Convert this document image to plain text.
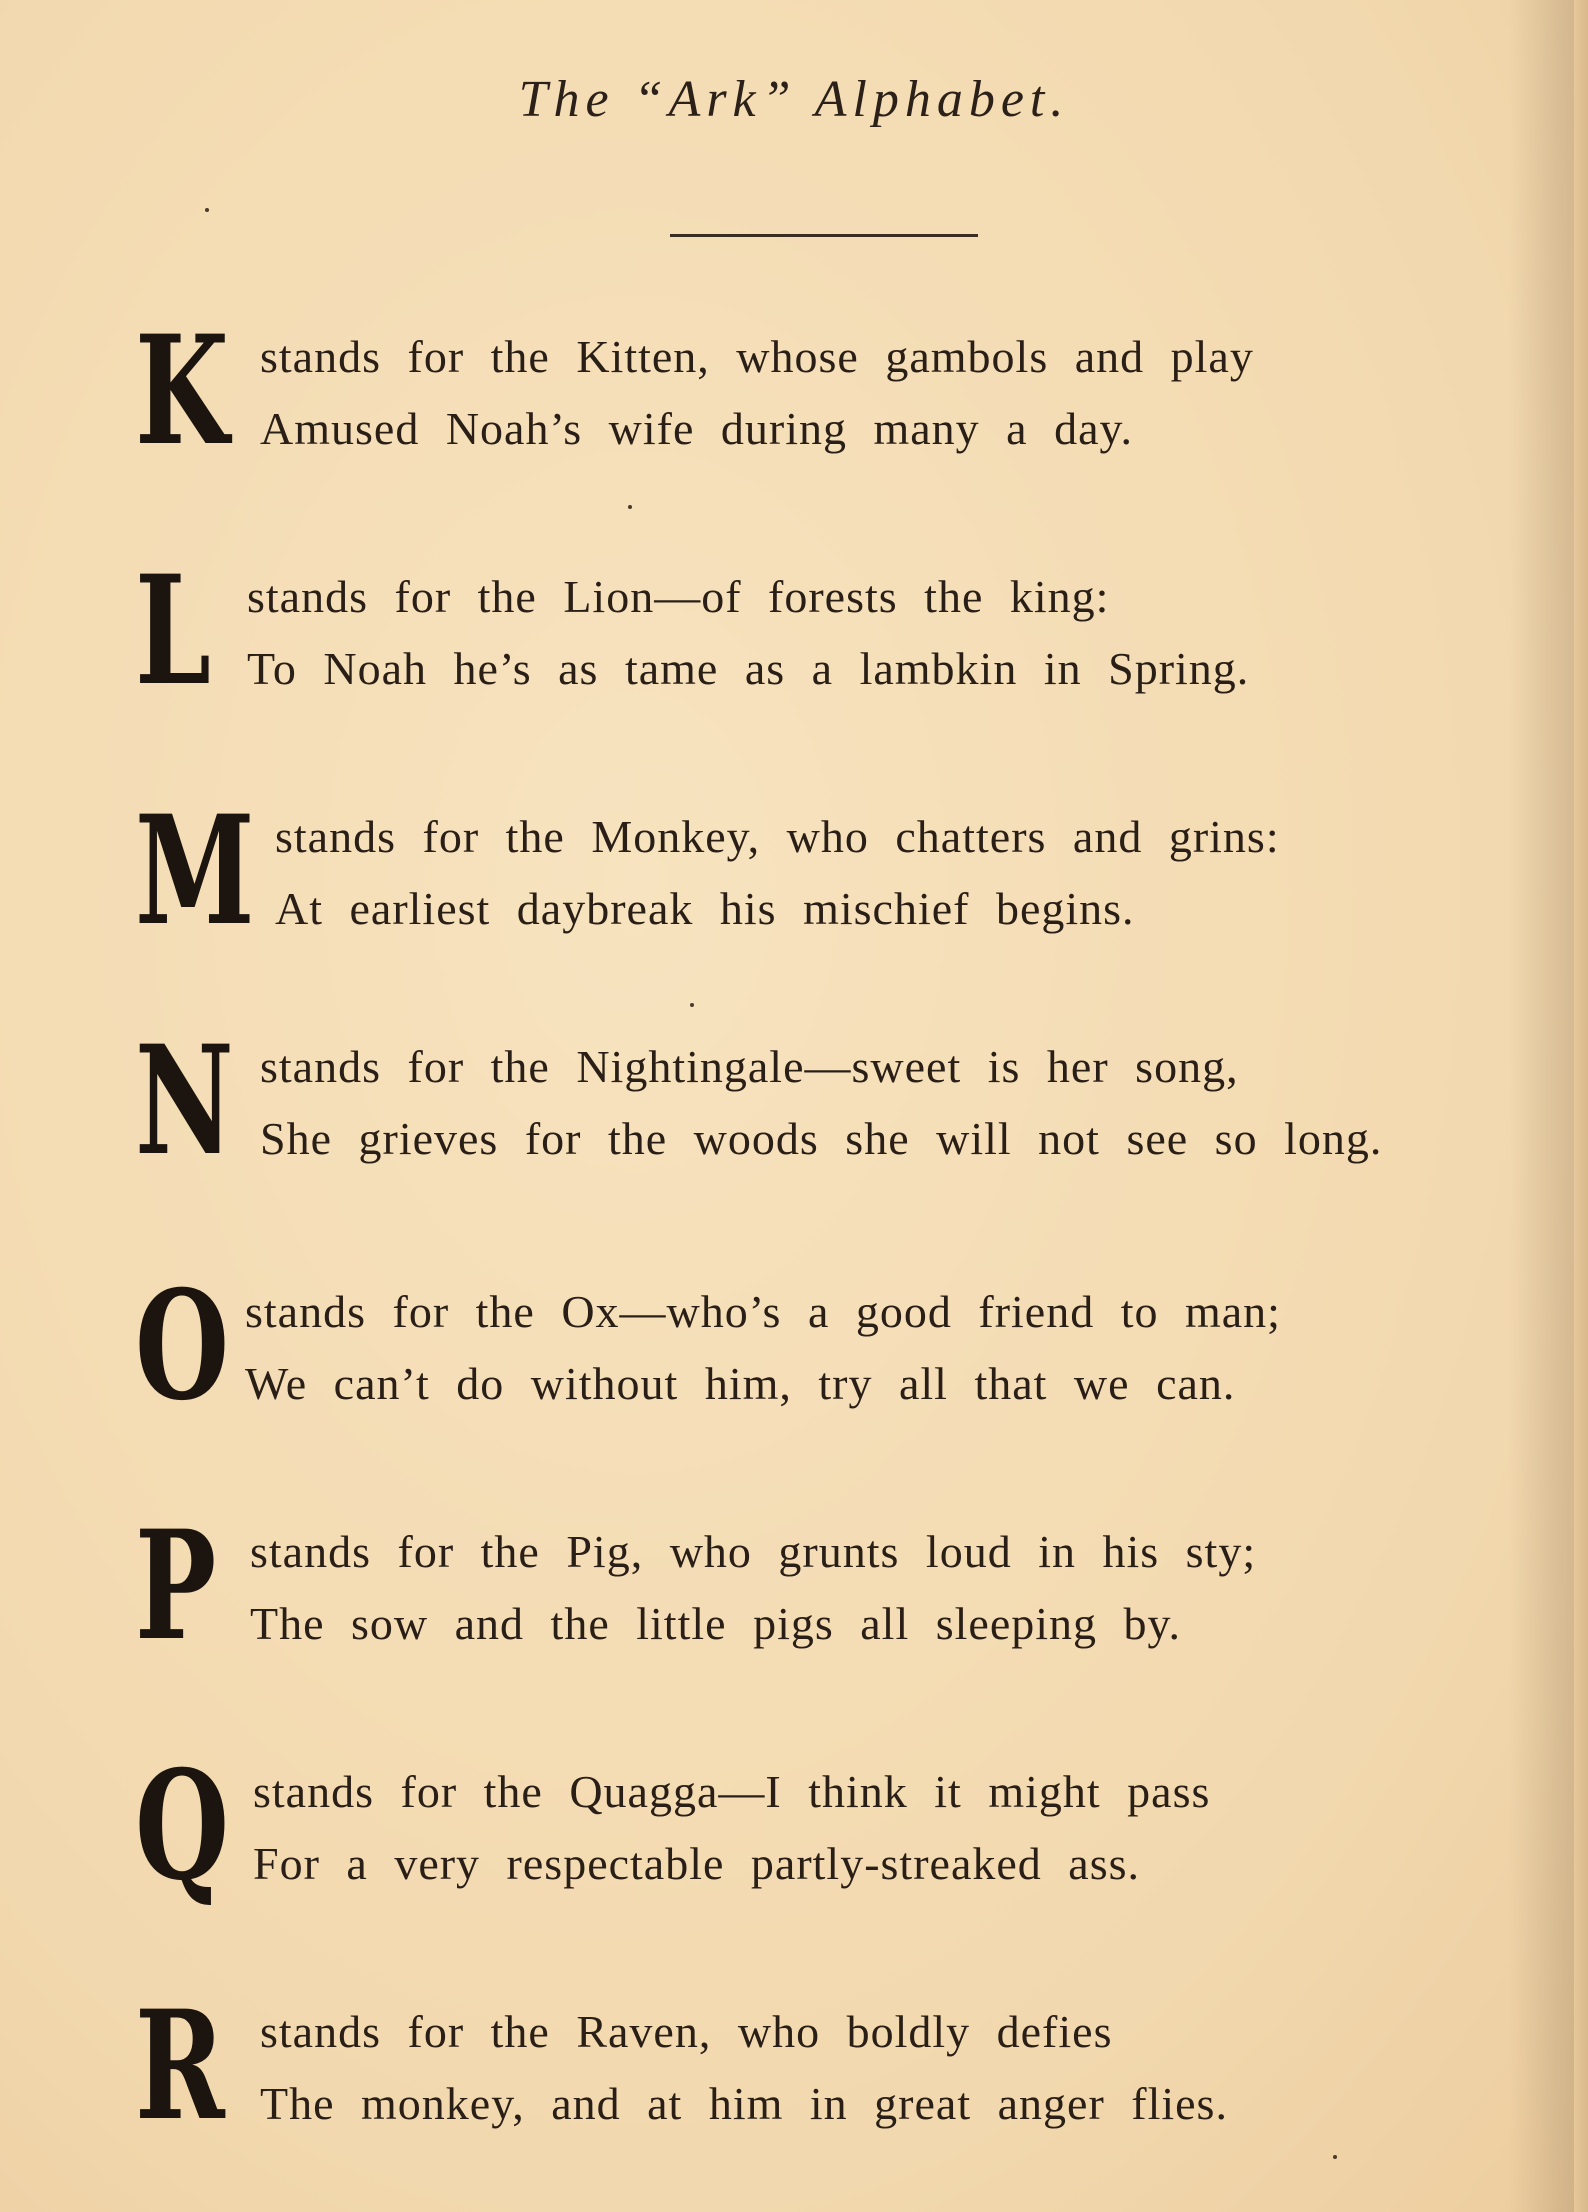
The “Ark” Alphabet.
K stands for the Kitten, whose gambols and play
Amused Noah’s wife during many a day.
L stands for the Lion—of forests the king:
To Noah he’s as tame as a lambkin in Spring.
M stands for the Monkey, who chatters and grins:
At earliest daybreak his mischief begins.
N stands for the Nightingale—sweet is her song,
She grieves for the woods she will not see so long.
O stands for the Ox—who’s a good friend to man;
We can’t do without him, try all that we can.
P stands for the Pig, who grunts loud in his sty;
The sow and the little pigs all sleeping by.
Q stands for the Quagga—I think it might pass
For a very respectable partly-streaked ass.
R stands for the Raven, who boldly defies
The monkey, and at him in great anger flies.
